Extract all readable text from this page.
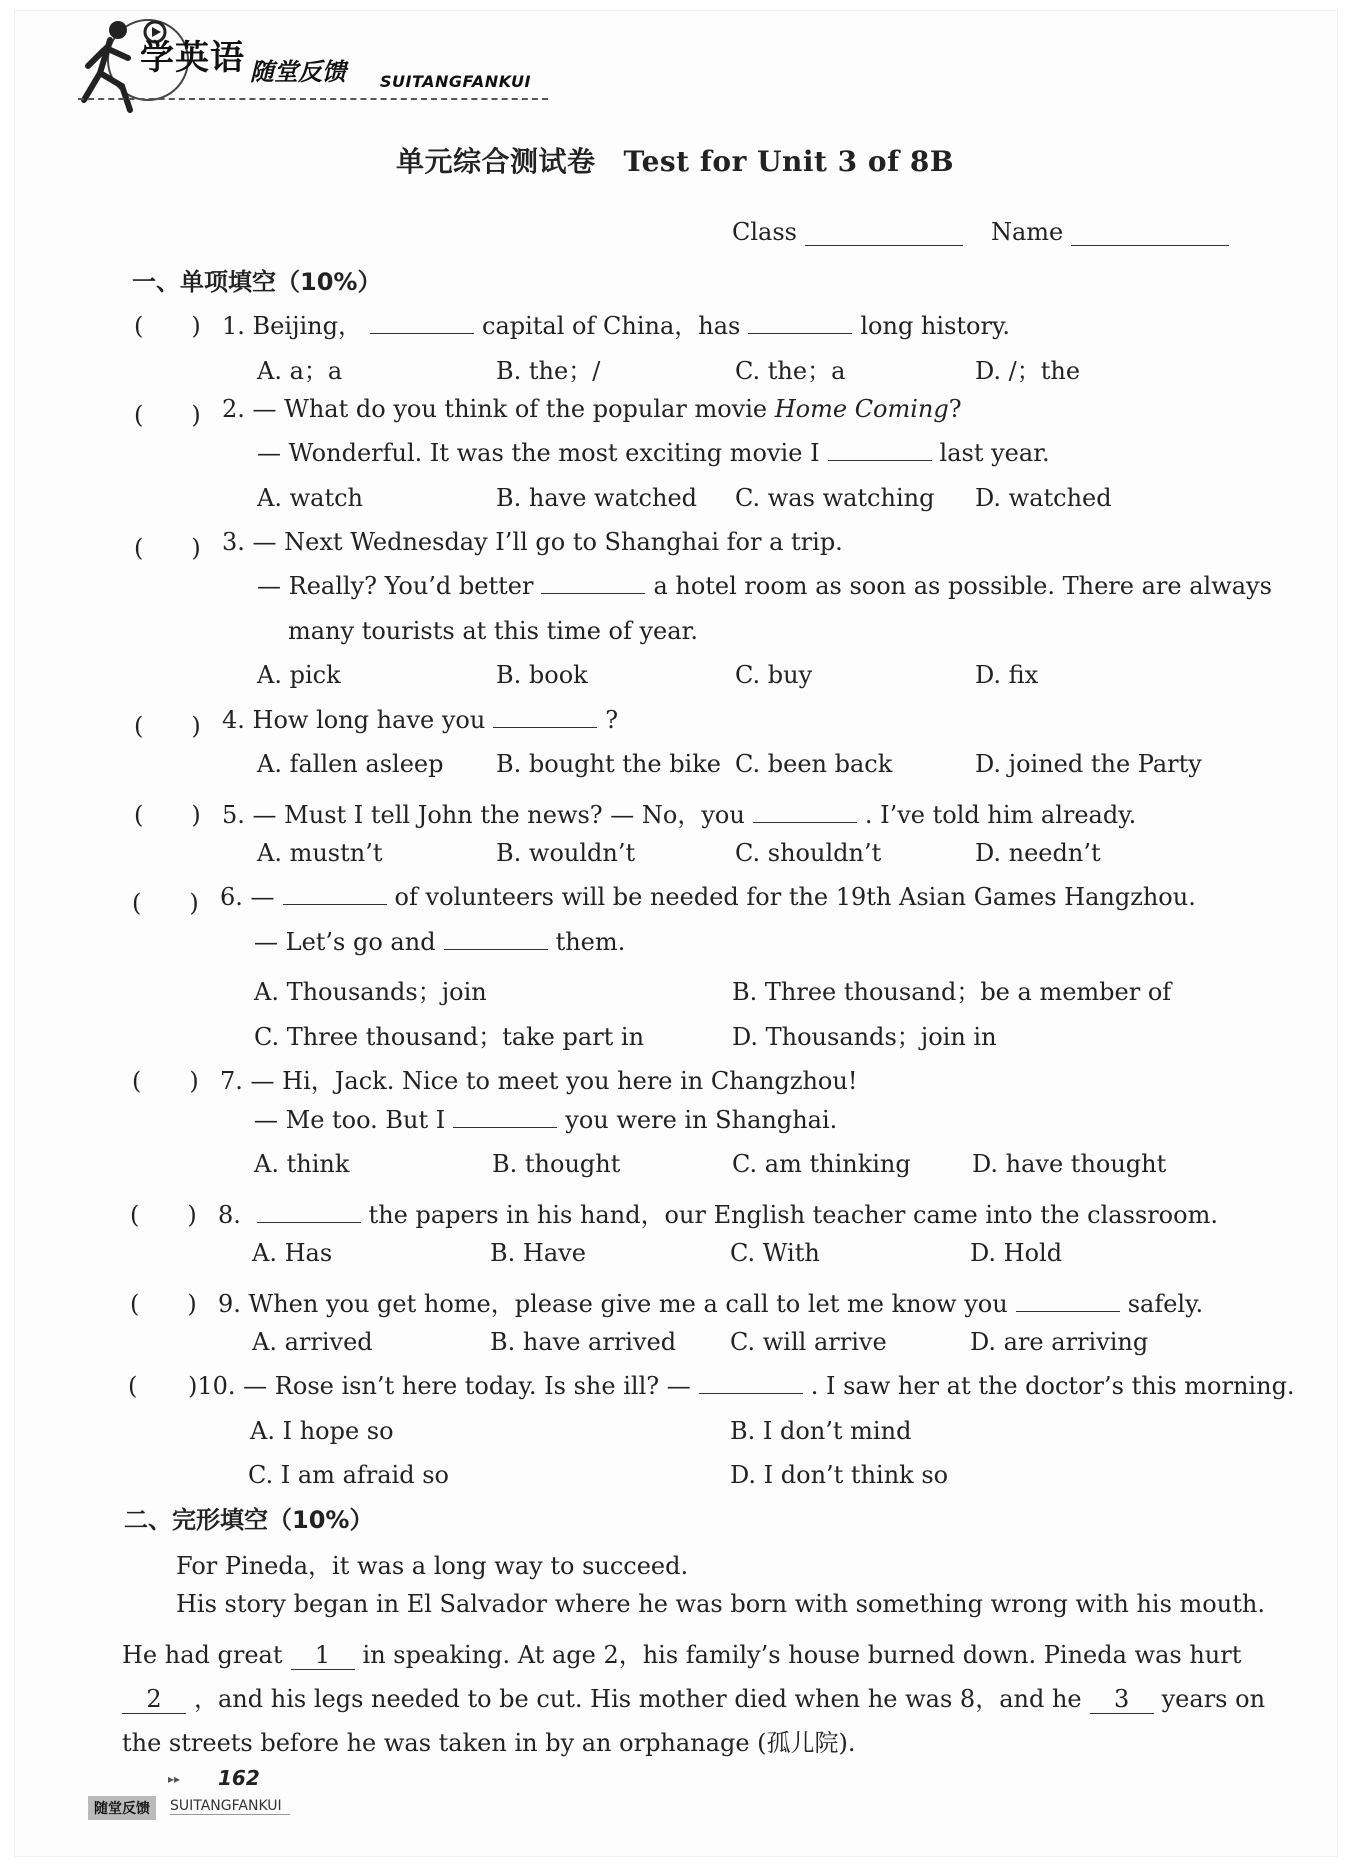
学英语 随堂反馈 SUITANGFANKUI
单元综合测试卷 Test for Unit 3 of 8B
Class	Name
一、单项填空（10%）
(　　) 1. Beijing，	capital of China，has	long history.
A. a；a	B. the；/	C. the；a	D. /；the
(　　) 2. — What do you think of the popular movie Home Coming?
— Wonderful. It was the most exciting movie I	last year.
A. watch	B. have watched C. was watching D. watched
(　　) 3. — Next Wednesday I’ll go to Shanghai for a trip.
— Really? You’d better	a hotel room as soon as possible. There are always
many tourists at this time of year.
A. pick	B. book	C. buy	D. fix
(　　) 4. How long have you	?
A. fallen asleep B. bought the bike C. been back	D. joined the Party
(　　) 5. — Must I tell John the news? — No，you	. I’ve told him already.
A. mustn’t	B. wouldn’t	C. shouldn’t	D. needn’t
(　　) 6. —	of volunteers will be needed for the 19th Asian Games Hangzhou.
— Let’s go and	them.
A. Thousands；join	B. Three thousand；be a member of
C. Three thousand；take part in	D. Thousands；join in
(　　) 7. — Hi，Jack. Nice to meet you here in Changzhou!
— Me too. But I	you were in Shanghai.
A. think	B. thought	C. am thinking	D. have thought
(　　) 8.	the papers in his hand，our English teacher came into the classroom.
A. Has	B. Have	C. With	D. Hold
(　　) 9. When you get home，please give me a call to let me know you	safely.
A. arrived	B. have arrived C. will arrive	D. are arriving
( )10. — Rose isn’t here today. Is she ill? —	. I saw her at the doctor’s this morning.
A. I hope so	B. I don’t mind
C. I am afraid so	D. I don’t think so
二、完形填空（10%）
For Pineda，it was a long way to succeed.
His story began in El Salvador where he was born with something wrong with his mouth.
He had great 1 in speaking. At age 2，his family’s house burned down. Pineda was hurt
2 ，and his legs needed to be cut. His mother died when he was 8，and he 3 years on
the streets before he was taken in by an orphanage (孤儿院).
▸▸ 162
随堂反馈	SUITANGFANKUI
